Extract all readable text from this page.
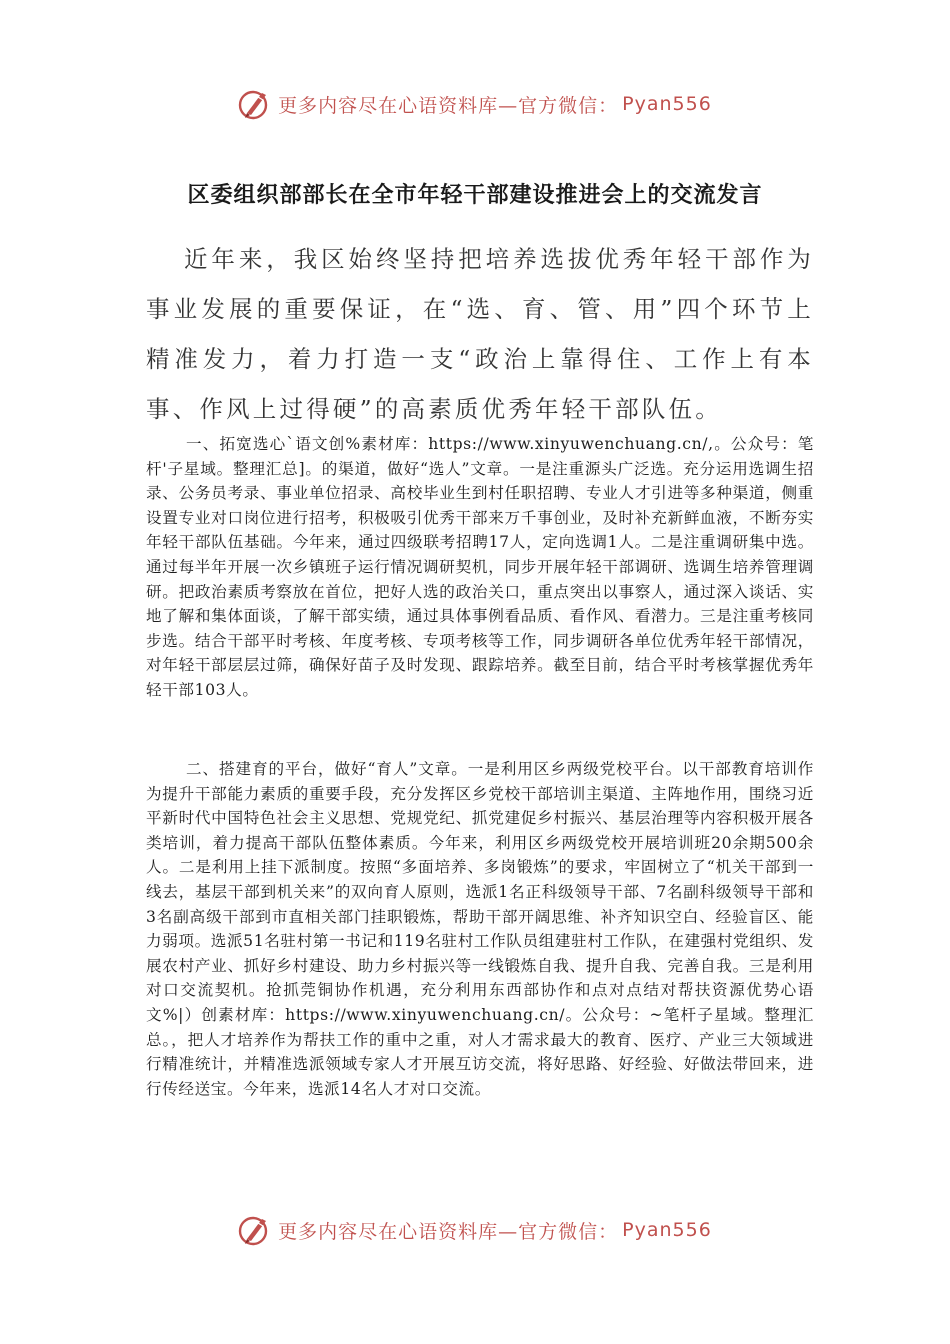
更多内容尽在心语资料库—官方微信： Pyan556
区委组织部部长在全市年轻干部建设推进会上的交流发言

近年来，我区始终坚持把培养选拔优秀年轻干部作为事业发展的重要保证，在“选、育、管、用”四个环节上精准发力，着力打造一支“政治上靠得住、工作上有本事、作风上过得硬”的高素质优秀年轻干部队伍。

一、拓宽选心`语文创%素材库：https://www.xinyuwenchuang.cn/,。公众号：笔杆'子星域。整理汇总]。的渠道，做好“选人”文章。一是注重源头广泛选。充分运用选调生招录、公务员考录、事业单位招录、高校毕业生到村任职招聘、专业人才引进等多种渠道，侧重设置专业对口岗位进行招考，积极吸引优秀干部来万千事创业，及时补充新鲜血液，不断夯实年轻干部队伍基础。今年来，通过四级联考招聘17人，定向选调1人。二是注重调研集中选。通过每半年开展一次乡镇班子运行情况调研契机，同步开展年轻干部调研、选调生培养管理调研。把政治素质考察放在首位，把好人选的政治关口，重点突出以事察人，通过深入谈话、实地了解和集体面谈，了解干部实绩，通过具体事例看品质、看作风、看潜力。三是注重考核同步选。结合干部平时考核、年度考核、专项考核等工作，同步调研各单位优秀年轻干部情况，对年轻干部层层过筛，确保好苗子及时发现、跟踪培养。截至目前，结合平时考核掌握优秀年轻干部103人。

二、搭建育的平台，做好“育人”文章。一是利用区乡两级党校平台。以干部教育培训作为提升干部能力素质的重要手段，充分发挥区乡党校干部培训主渠道、主阵地作用，围绕习近平新时代中国特色社会主义思想、党规党纪、抓党建促乡村振兴、基层治理等内容积极开展各类培训，着力提高干部队伍整体素质。今年来，利用区乡两级党校开展培训班20余期500余人。二是利用上挂下派制度。按照“多面培养、多岗锻炼”的要求，牢固树立了“机关干部到一线去，基层干部到机关来”的双向育人原则，选派1名正科级领导干部、7名副科级领导干部和3名副高级干部到市直相关部门挂职锻炼，帮助干部开阔思维、补齐知识空白、经验盲区、能力弱项。选派51名驻村第一书记和119名驻村工作队员组建驻村工作队，在建强村党组织、发展农村产业、抓好乡村建设、助力乡村振兴等一线锻炼自我、提升自我、完善自我。三是利用对口交流契机。抢抓莞铜协作机遇，充分利用东西部协作和点对点结对帮扶资源优势心语文%|）创素材库：https://www.xinyuwenchuang.cn/。公众号：~笔杆子星域。整理汇总。，把人才培养作为帮扶工作的重中之重，对人才需求最大的教育、医疗、产业三大领域进行精准统计，并精准选派领域专家人才开展互访交流，将好思路、好经验、好做法带回来，进行传经送宝。今年来，选派14名人才对口交流。

更多内容尽在心语资料库—官方微信： Pyan556
